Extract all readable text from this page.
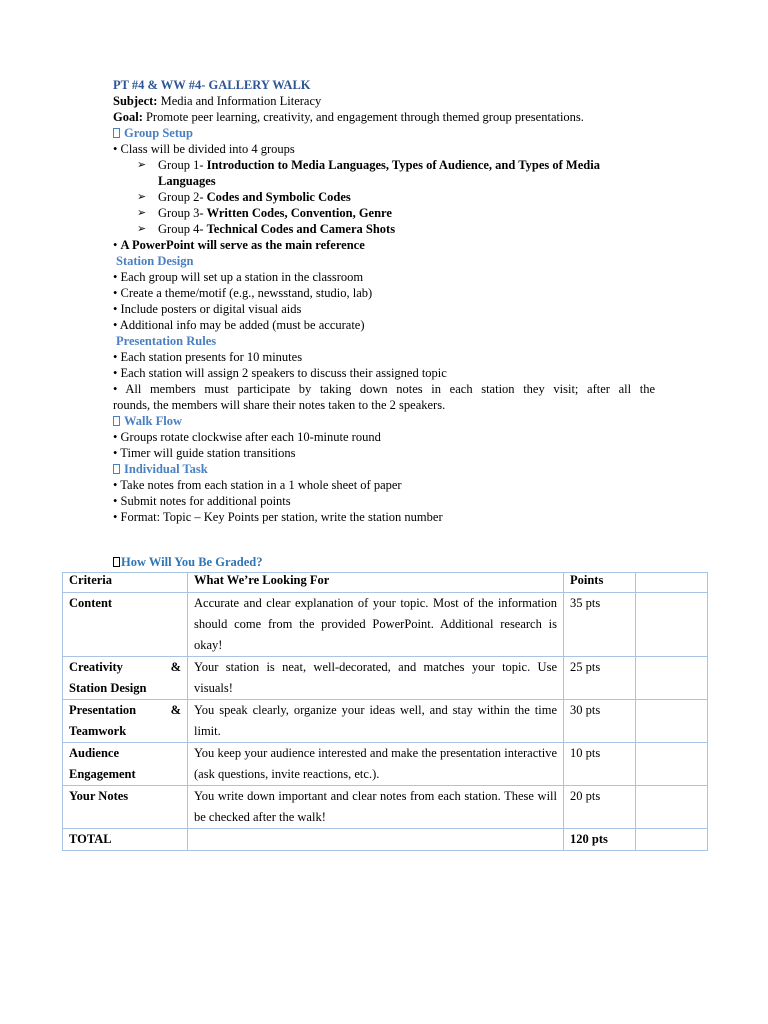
PT #4 & WW #4- GALLERY WALK
Subject: Media and Information Literacy
Goal: Promote peer learning, creativity, and engagement through themed group presentations.
Group Setup
• Class will be divided into 4 groups
➢ Group 1- Introduction to Media Languages, Types of Audience, and Types of Media
Languages
➢ Group 2- Codes and Symbolic Codes
➢ Group 3- Written Codes, Convention, Genre
➢ Group 4- Technical Codes and Camera Shots
• A PowerPoint will serve as the main reference
Station Design
• Each group will set up a station in the classroom
• Create a theme/motif (e.g., newsstand, studio, lab)
• Include posters or digital visual aids
• Additional info may be added (must be accurate)
Presentation Rules
• Each station presents for 10 minutes
• Each station will assign 2 speakers to discuss their assigned topic
• All members must participate by taking down notes in each station they visit; after all the
rounds, the members will share their notes taken to the 2 speakers.
Walk Flow
• Groups rotate clockwise after each 10-minute round
• Timer will guide station transitions
Individual Task
• Take notes from each station in a 1 whole sheet of paper
• Submit notes for additional points
• Format: Topic – Key Points per station, write the station number
How Will You Be Graded?
Criteria	What We’re Looking For	Points	

Content	Accurate and clear explanation of your topic. Most of the information should come from the provided PowerPoint. Additional research is okay!	35 pts	

Creativity &
Station Design	Your station is neat, well-decorated, and matches your topic. Use visuals!	25 pts	

Presentation &
Teamwork	You speak clearly, organize your ideas well, and stay within the time limit.	30 pts	

Audience
Engagement	You keep your audience interested and make the presentation interactive (ask questions, invite reactions, etc.).	10 pts	

Your Notes	You write down important and clear notes from each station. These will be checked after the walk!	20 pts	
TOTAL		120 pts	
